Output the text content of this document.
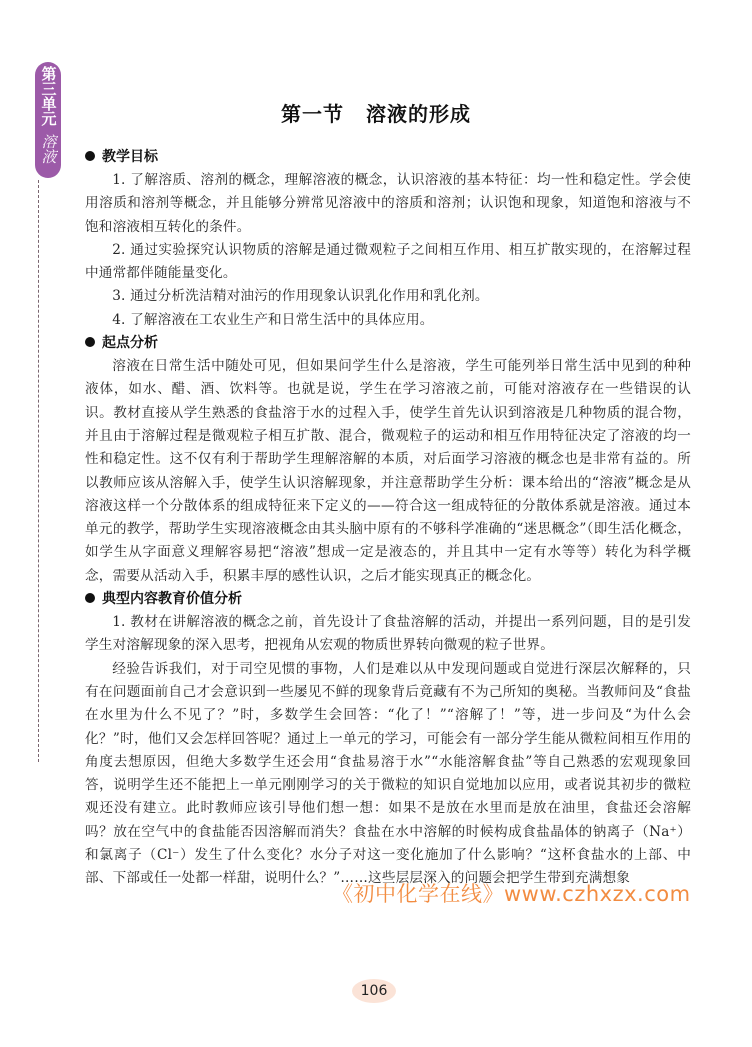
第三单元
溶液
第一节 溶液的形成
教学目标

1. 了解溶质、溶剂的概念，理解溶液的概念，认识溶液的基本特征：均一性和稳定性。学会使用溶质和溶剂等概念，并且能够分辨常见溶液中的溶质和溶剂；认识饱和现象，知道饱和溶液与不饱和溶液相互转化的条件。

2. 通过实验探究认识物质的溶解是通过微观粒子之间相互作用、相互扩散实现的，在溶解过程中通常都伴随能量变化。

3. 通过分析洗洁精对油污的作用现象认识乳化作用和乳化剂。

4. 了解溶液在工农业生产和日常生活中的具体应用。

起点分析

溶液在日常生活中随处可见，但如果问学生什么是溶液，学生可能列举日常生活中见到的种种液体，如水、醋、酒、饮料等。也就是说，学生在学习溶液之前，可能对溶液存在一些错误的认识。教材直接从学生熟悉的食盐溶于水的过程入手，使学生首先认识到溶液是几种物质的混合物，并且由于溶解过程是微观粒子相互扩散、混合，微观粒子的运动和相互作用特征决定了溶液的均一性和稳定性。这不仅有利于帮助学生理解溶解的本质，对后面学习溶液的概念也是非常有益的。所以教师应该从溶解入手，使学生认识溶解现象，并注意帮助学生分析：课本给出的“溶液”概念是从溶液这样一个分散体系的组成特征来下定义的——符合这一组成特征的分散体系就是溶液。通过本单元的教学，帮助学生实现溶液概念由其头脑中原有的不够科学准确的“迷思概念”（即生活化概念，如学生从字面意义理解容易把“溶液”想成一定是液态的，并且其中一定有水等等）转化为科学概念，需要从活动入手，积累丰厚的感性认识，之后才能实现真正的概念化。

典型内容教育价值分析

1. 教材在讲解溶液的概念之前，首先设计了食盐溶解的活动，并提出一系列问题，目的是引发学生对溶解现象的深入思考，把视角从宏观的物质世界转向微观的粒子世界。

经验告诉我们，对于司空见惯的事物，人们是难以从中发现问题或自觉进行深层次解释的，只有在问题面前自己才会意识到一些屡见不鲜的现象背后竟藏有不为己所知的奥秘。当教师问及“食盐在水里为什么不见了？”时，多数学生会回答：“化了！”“溶解了！”等，进一步问及“为什么会化？”时，他们又会怎样回答呢？通过上一单元的学习，可能会有一部分学生能从微粒间相互作用的角度去想原因，但绝大多数学生还会用“食盐易溶于水”“水能溶解食盐”等自己熟悉的宏观现象回答，说明学生还不能把上一单元刚刚学习的关于微粒的知识自觉地加以应用，或者说其初步的微粒观还没有建立。此时教师应该引导他们想一想：如果不是放在水里而是放在油里，食盐还会溶解吗？放在空气中的食盐能否因溶解而消失？食盐在水中溶解的时候构成食盐晶体的钠离子（Na⁺）和氯离子（Cl⁻）发生了什么变化？水分子对这一变化施加了什么影响？“这杯食盐水的上部、中部、下部或任一处都一样甜，说明什么？”……这些层层深入的问题会把学生带到充满想象

《初中化学在线》www.czhxzx.com
106
